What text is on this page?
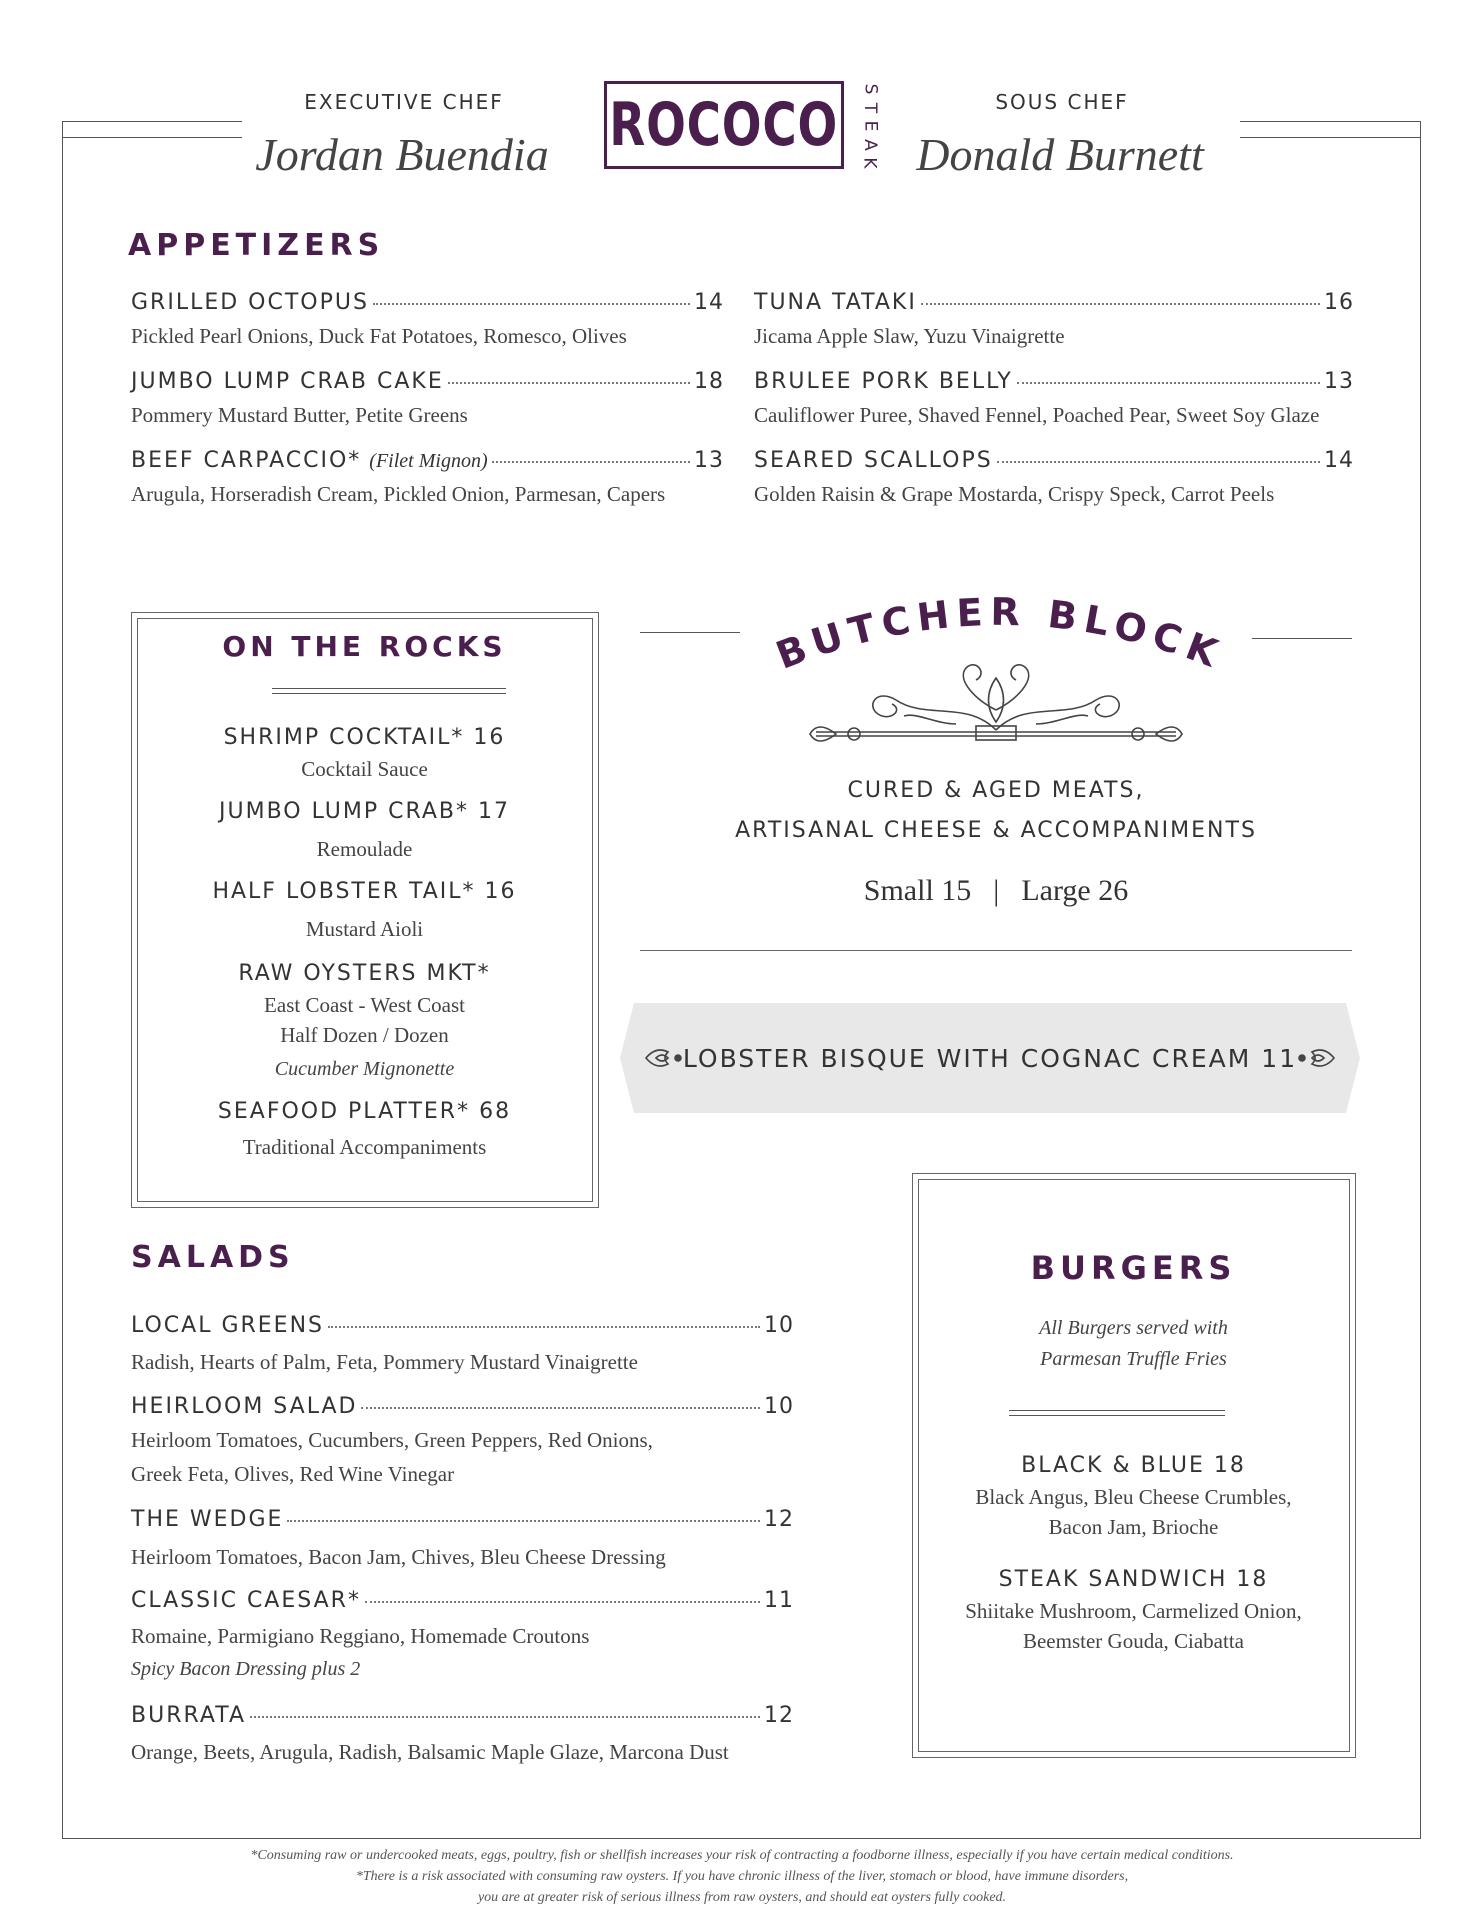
EXECUTIVE CHEF
Jordan Buendia	ROCOCO
S
T
E
A
K
SOUS CHEF
Donald Burnett
APPETIZERS
GRILLED OCTOPUS	14
Pickled Pearl Onions, Duck Fat Potatoes, Romesco, Olives
JUMBO LUMP CRAB CAKE	18
Pommery Mustard Butter, Petite Greens
BEEF CARPACCIO* (Filet Mignon)	13
Arugula, Horseradish Cream, Pickled Onion, Parmesan, Capers
TUNA TATAKI	16
Jicama Apple Slaw, Yuzu Vinaigrette
BRULEE PORK BELLY	13
Cauliflower Puree, Shaved Fennel, Poached Pear, Sweet Soy Glaze
SEARED SCALLOPS	14
Golden Raisin & Grape Mostarda, Crispy Speck, Carrot Peels
ON THE ROCKS
SHRIMP COCKTAIL* 16
Cocktail Sauce
JUMBO LUMP CRAB* 17
Remoulade
HALF LOBSTER TAIL* 16
Mustard Aioli
RAW OYSTERS MKT*
East Coast - West Coast
Half Dozen / Dozen
Cucumber Mignonette
SEAFOOD PLATTER* 68
Traditional Accompaniments
BUTCHER BLOCK
CURED & AGED MEATS,
ARTISANAL CHEESE & ACCOMPANIMENTS
Small 15 | Large 26
LOBSTER BISQUE WITH COGNAC CREAM 11
SALADS
LOCAL GREENS	10
Radish, Hearts of Palm, Feta, Pommery Mustard Vinaigrette
HEIRLOOM SALAD	10
Heirloom Tomatoes, Cucumbers, Green Peppers, Red Onions,
Greek Feta, Olives, Red Wine Vinegar
THE WEDGE	12
Heirloom Tomatoes, Bacon Jam, Chives, Bleu Cheese Dressing
CLASSIC CAESAR*	11
Romaine, Parmigiano Reggiano, Homemade Croutons
Spicy Bacon Dressing plus 2
BURRATA	12
Orange, Beets, Arugula, Radish, Balsamic Maple Glaze, Marcona Dust
BURGERS
All Burgers served with
Parmesan Truffle Fries
BLACK & BLUE 18
Black Angus, Bleu Cheese Crumbles,
Bacon Jam, Brioche
STEAK SANDWICH 18
Shiitake Mushroom, Carmelized Onion,
Beemster Gouda, Ciabatta
*Consuming raw or undercooked meats, eggs, poultry, fish or shellfish increases your risk of contracting a foodborne illness, especially if you have certain medical conditions.
*There is a risk associated with consuming raw oysters. If you have chronic illness of the liver, stomach or blood, have immune disorders,
you are at greater risk of serious illness from raw oysters, and should eat oysters fully cooked.
